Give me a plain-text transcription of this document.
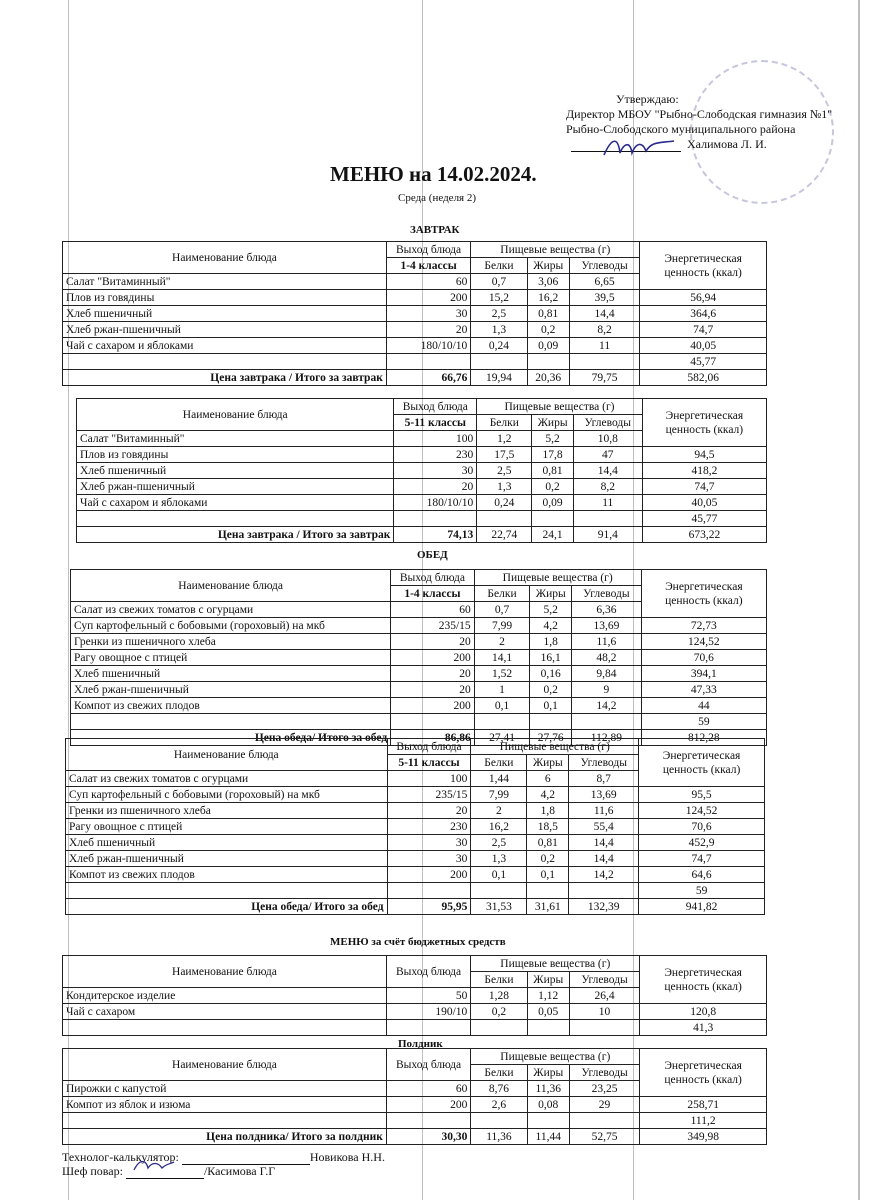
Утверждаю:
Директор МБОУ "Рыбно-Слободская гимназия №1"
Рыбно-Слободского муниципального района
Халимова Л. И.
МЕНЮ на 14.02.2024.
Среда (неделя 2)
ЗАВТРАК
Наименование блюда	Выход блюда	Пищевые вещества (г)			Энергетическая
ценность (ккал)

	1-4 классы	Белки	Жиры	Углеводы	
Салат "Витаминный"	60	0,7	3,06	6,65	
Плов из говядины	200	15,2	16,2	39,5	56,94
Хлеб пшеничный	30	2,5	0,81	14,4	364,6
Хлеб ржан-пшеничный	20	1,3	0,2	8,2	74,7
Чай с сахаром и яблоками	180/10/10	0,24	0,09	11	40,05
					45,77
Цена завтрака / Итого за завтрак	66,76	19,94	20,36	79,75	582,06
Наименование блюда	Выход блюда	Пищевые вещества (г)			Энергетическая
ценность (ккал)

	5-11 классы	Белки	Жиры	Углеводы	
Салат "Витаминный"	100	1,2	5,2	10,8	
Плов из говядины	230	17,5	17,8	47	94,5
Хлеб пшеничный	30	2,5	0,81	14,4	418,2
Хлеб ржан-пшеничный	20	1,3	0,2	8,2	74,7
Чай с сахаром и яблоками	180/10/10	0,24	0,09	11	40,05
					45,77
Цена завтрака / Итого за завтрак	74,13	22,74	24,1	91,4	673,22
ОБЕД
Наименование блюда	Выход блюда	Пищевые вещества (г)			Энергетическая
ценность (ккал)

	1-4 классы	Белки	Жиры	Углеводы	
Салат из свежих томатов с огурцами	60	0,7	5,2	6,36	
Суп картофельный с бобовыми (гороховый) на мкб	235/15	7,99	4,2	13,69	72,73
Гренки из пшеничного хлеба	20	2	1,8	11,6	124,52
Рагу овощное с птицей	200	14,1	16,1	48,2	70,6
Хлеб пшеничный	20	1,52	0,16	9,84	394,1
Хлеб ржан-пшеничный	20	1	0,2	9	47,33
Компот из свежих плодов	200	0,1	0,1	14,2	44
					59
Цена обеда/ Итого за обед	86,86	27,41	27,76	112,89	812,28
Наименование блюда	Выход блюда	Пищевые вещества (г)			Энергетическая
ценность (ккал)

	5-11 классы	Белки	Жиры	Углеводы	
Салат из свежих томатов с огурцами	100	1,44	6	8,7	
Суп картофельный с бобовыми (гороховый) на мкб	235/15	7,99	4,2	13,69	95,5
Гренки из пшеничного хлеба	20	2	1,8	11,6	124,52
Рагу овощное с птицей	230	16,2	18,5	55,4	70,6
Хлеб пшеничный	30	2,5	0,81	14,4	452,9
Хлеб ржан-пшеничный	30	1,3	0,2	14,4	74,7
Компот из свежих плодов	200	0,1	0,1	14,2	64,6
					59
Цена обеда/ Итого за обед	95,95	31,53	31,61	132,39	941,82
МЕНЮ за счёт бюджетных средств
Наименование блюда	Выход блюда	Пищевые вещества (г)			Энергетическая
ценность (ккал)

		Белки	Жиры	Углеводы	
Кондитерское изделие	50	1,28	1,12	26,4	
Чай с сахаром	190/10	0,2	0,05	10	120,8
					41,3
Полдник
Наименование блюда	Выход блюда	Пищевые вещества (г)			Энергетическая
ценность (ккал)

		Белки	Жиры	Углеводы	
Пирожки с капустой	60	8,76	11,36	23,25	
Компот из яблок и изюма	200	2,6	0,08	29	258,71
					111,2
Цена полдника/ Итого за полдник	30,30	11,36	11,44	52,75	349,98
Технолог-калькулятор:	Новикова Н.Н.
Шеф повар:	/Касимова Г.Г
